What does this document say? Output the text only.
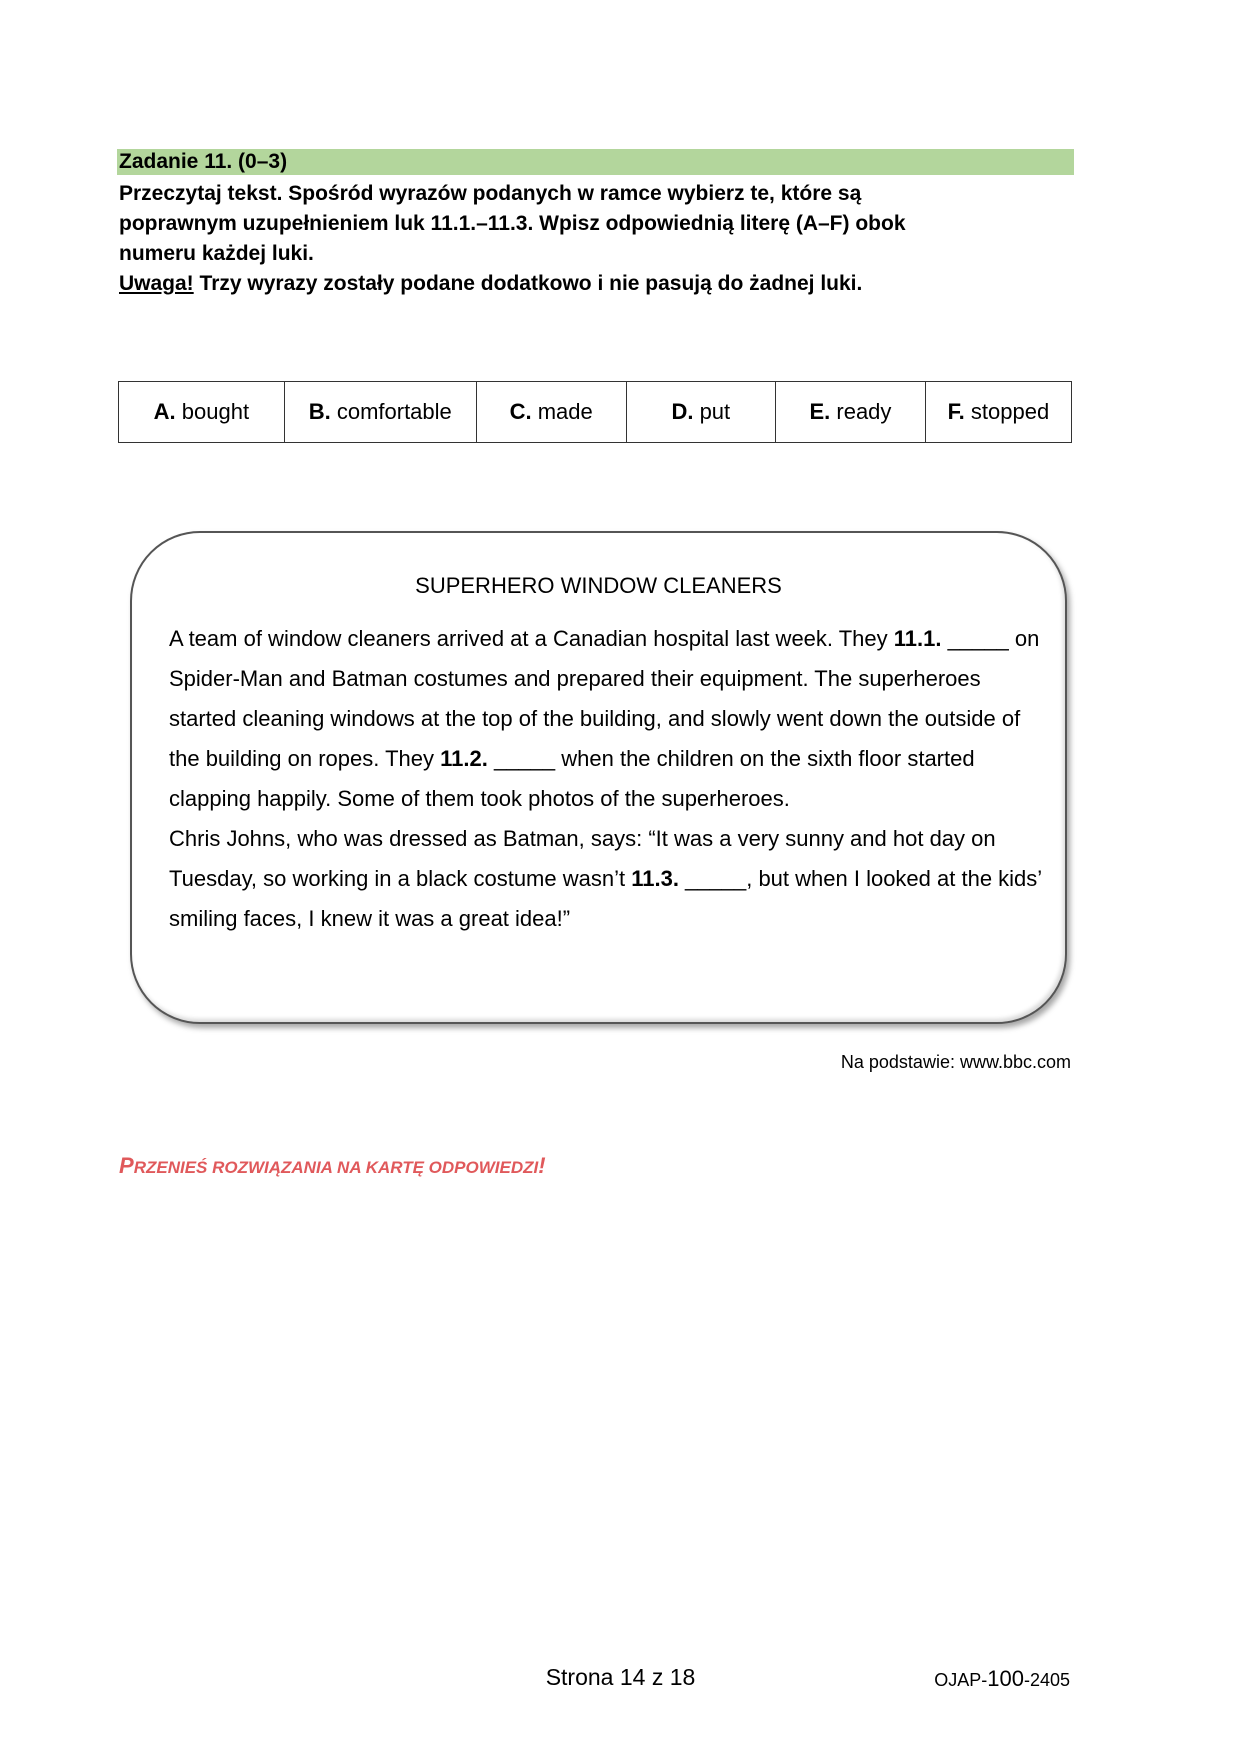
Zadanie 11. (0–3)

Przeczytaj tekst. Spośród wyrazów podanych w ramce wybierz te, które są

poprawnym uzupełnieniem luk 11.1.–11.3. Wpisz odpowiednią literę (A–F) obok

numeru każdej luki.

Uwaga! Trzy wyrazy zostały podane dodatkowo i nie pasują do żadnej luki.

A. bought	B. comfortable	C. made	D. put	E. ready	F. stopped
SUPERHERO WINDOW CLEANERS

A team of window cleaners arrived at a Canadian hospital last week. They 11.1. _____ on Spider-Man and Batman costumes and prepared their equipment. The superheroes started cleaning windows at the top of the building, and slowly went down the outside of the building on ropes. They 11.2. _____ when the children on the sixth floor started clapping happily. Some of them took photos of the superheroes.

Chris Johns, who was dressed as Batman, says: “It was a very sunny and hot day on Tuesday, so working in a black costume wasn’t 11.3. _____, but when I looked at the kids’ smiling faces, I knew it was a great idea!”

Na podstawie: www.bbc.com
PRZENIEŚ ROZWIĄZANIA NA KARTĘ ODPOWIEDZI!
Strona 14 z 18	OJAP-100-2405
